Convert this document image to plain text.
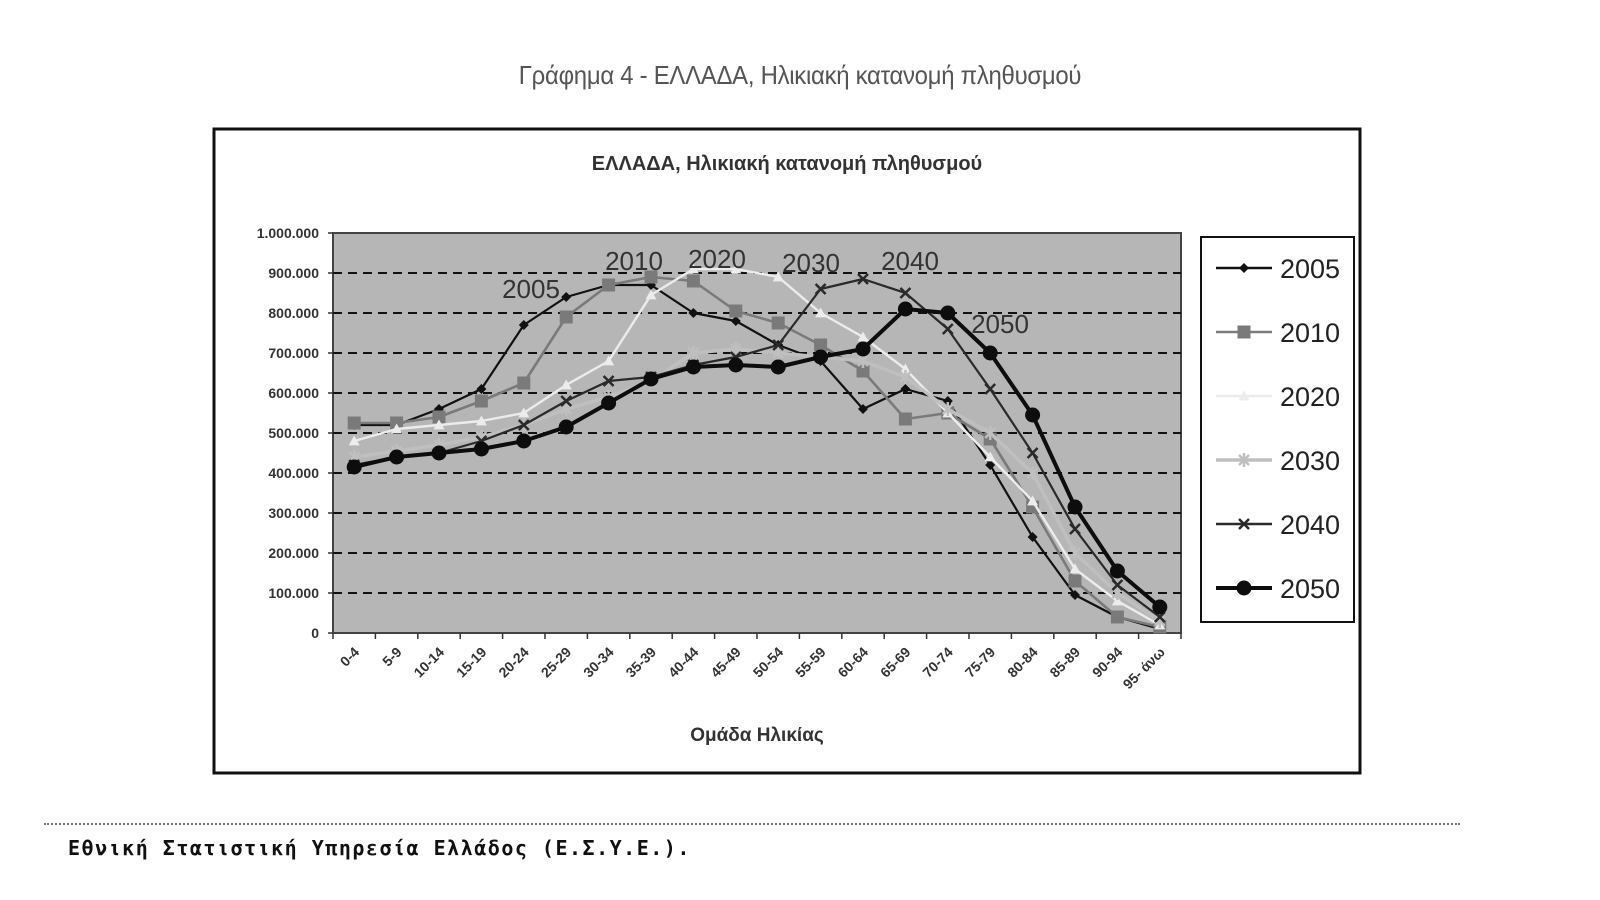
Γράφημα 4 - ΕΛΛΑΔΑ, Ηλικιακή κατανομή πληθυσμού
ΕΛΛΑΔΑ, Ηλικιακή κατανομή πληθυσμού
0
100.000
200.000
300.000
400.000
500.000
600.000
700.000
800.000
900.000
1.000.000
0-4 5-9 10-14 15-19 20-24 25-29 30-34 35-39 40-44 45-49 50-54 55-59 60-64 65-69 70-74 75-79 80-84 85-89 90-94
95- άνω
2005
2010 2020 2030 2040
2050
Ομάδα Ηλικίας
2005
2010
2020
2030
2040
2050
Εθνική Στατιστική Υπηρεσία Ελλάδος (Ε.Σ.Υ.Ε.).
